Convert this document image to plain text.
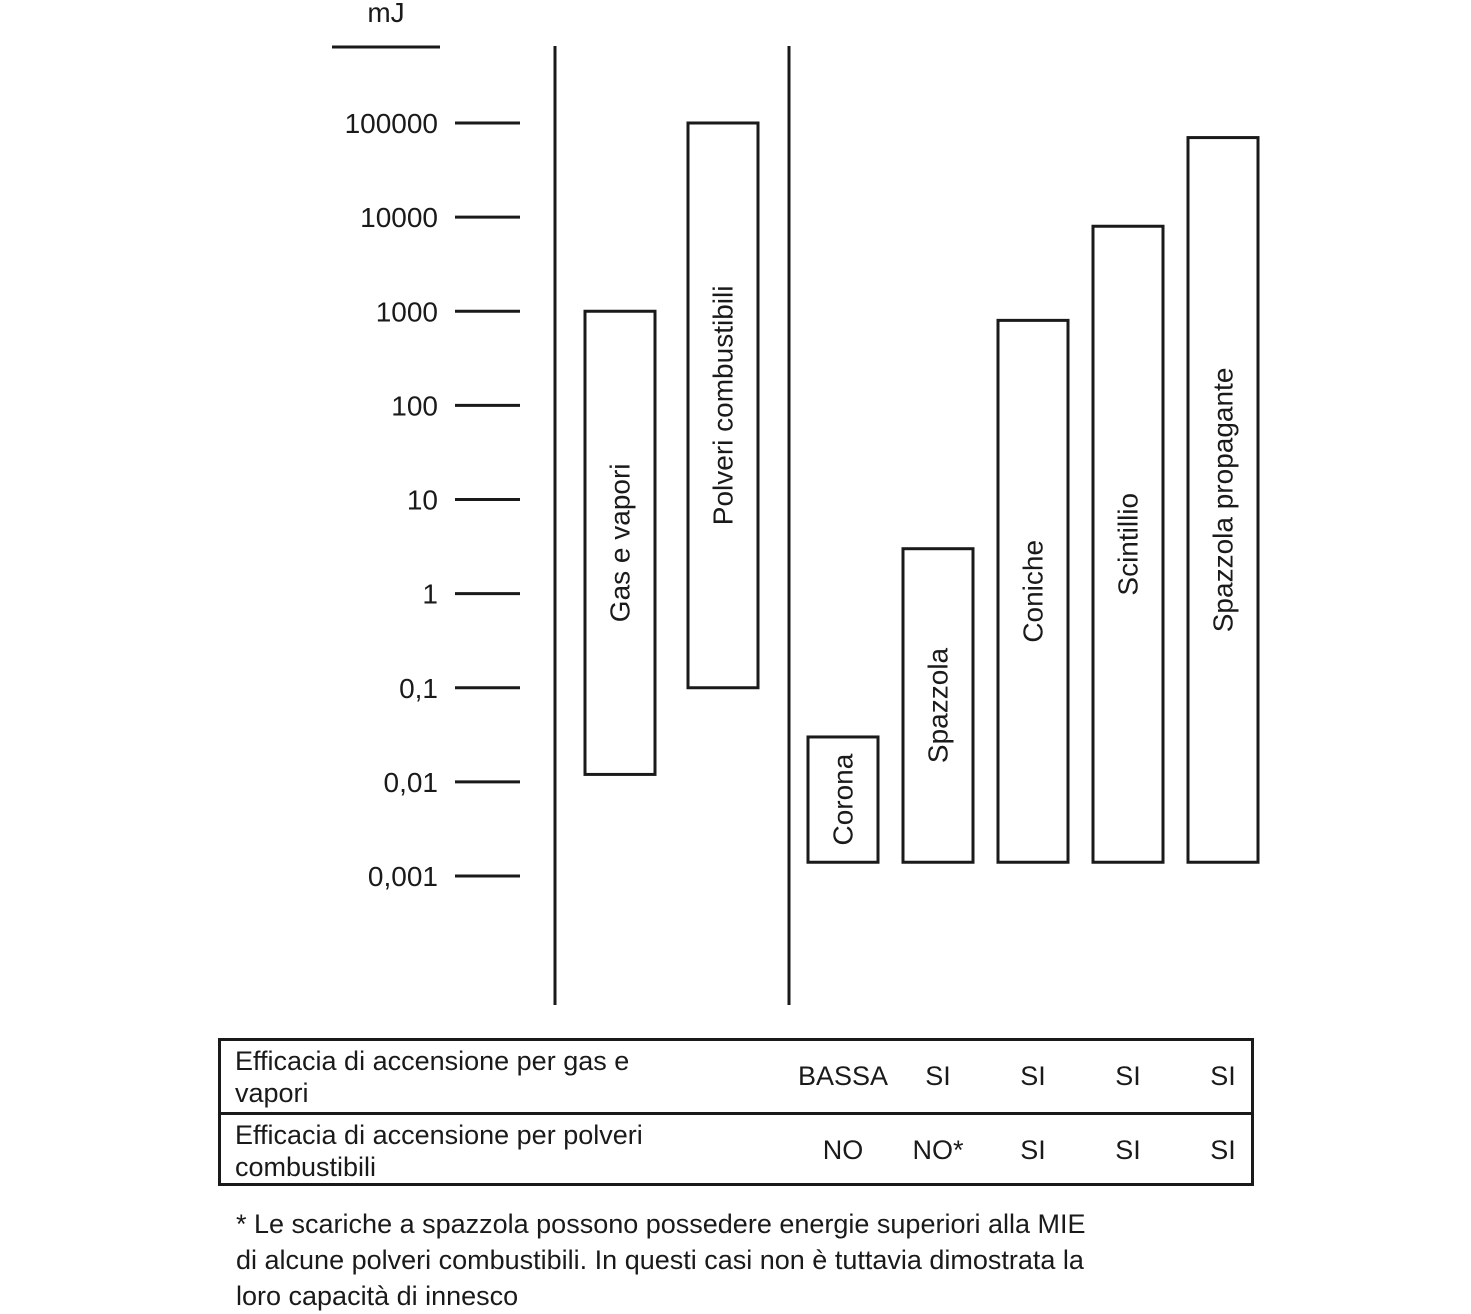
mJ
100000
10000
1000
100
10
1
0,1
0,01
0,001
Gas e vapori
Polveri combustibili
Corona
Spazzola
Coniche Scintillio Spazzola propagante
Efficacia di accensione per gas e
vapori
BASSA	SI	SI	SI	SI
Efficacia di accensione per polveri
combustibili
NO	NO*	SI	SI	SI
* Le scariche a spazzola possono possedere energie superiori alla MIE
di alcune polveri combustibili. In questi casi non è tuttavia dimostrata la
loro capacità di innesco
